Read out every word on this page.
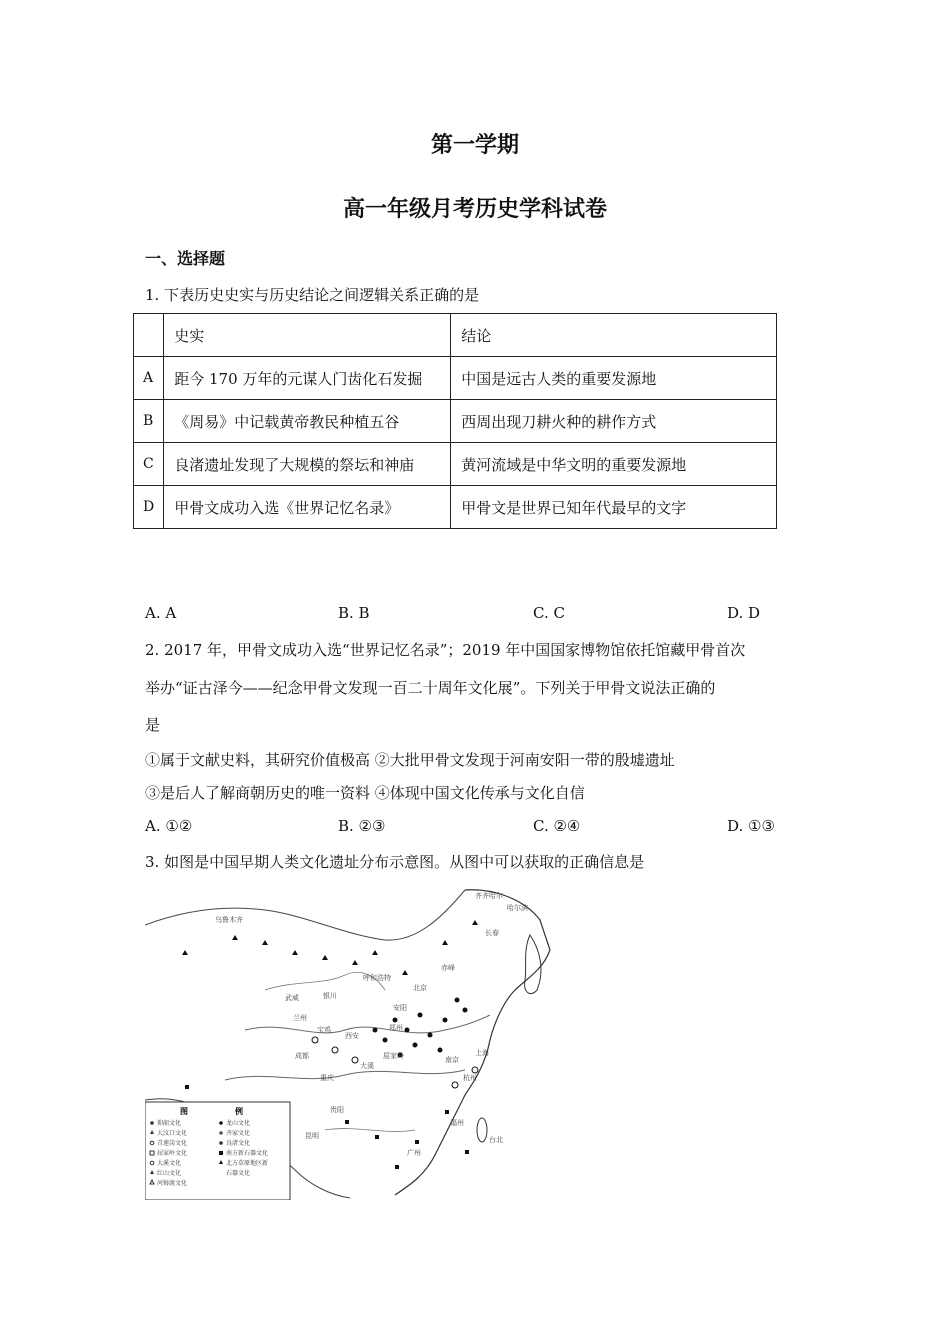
第一学期
高一年级月考历史学科试卷
一、选择题
1. 下表历史史实与历史结论之间逻辑关系正确的是
	史实	结论
A	距今 170 万年的元谋人门齿化石发掘	中国是远古人类的重要发源地
B	《周易》中记载黄帝教民种植五谷	西周出现刀耕火种的耕作方式
C	良渚遗址发现了大规模的祭坛和神庙	黄河流域是中华文明的重要发源地
D	甲骨文成功入选《世界记忆名录》	甲骨文是世界已知年代最早的文字
A. A	B. B	C. C	D. D
2. 2017 年，甲骨文成功入选“世界记忆名录”；2019 年中国国家博物馆依托馆藏甲骨首次
举办“证古泽今——纪念甲骨文发现一百二十周年文化展”。下列关于甲骨文说法正确的
是
①属于文献史料，其研究价值极高 ②大批甲骨文发现于河南安阳一带的殷墟遗址
③是后人了解商朝历史的唯一资料 ④体现中国文化传承与文化自信
A. ①②	B. ②③	C. ②④	D. ①③
3. 如图是中国早期人类文化遗址分布示意图。从图中可以获取的正确信息是
齐齐哈尔
哈尔滨
长春
乌鲁木齐
呼和浩特
北京
赤峰
银川
武威
兰州
西安
宝鸡	郑州
安阳
成都
重庆
大溪
屈家岭
贵阳
昆明
广州
福州
杭州
南京
上海
台北
图	例
仰韶文化
大汶口文化
青莲岗文化
屈家岭文化
大溪文化
红山文化
河姆渡文化
龙山文化
齐家文化
良渚文化
南方新石器文化
北方草原地区新
石器文化
